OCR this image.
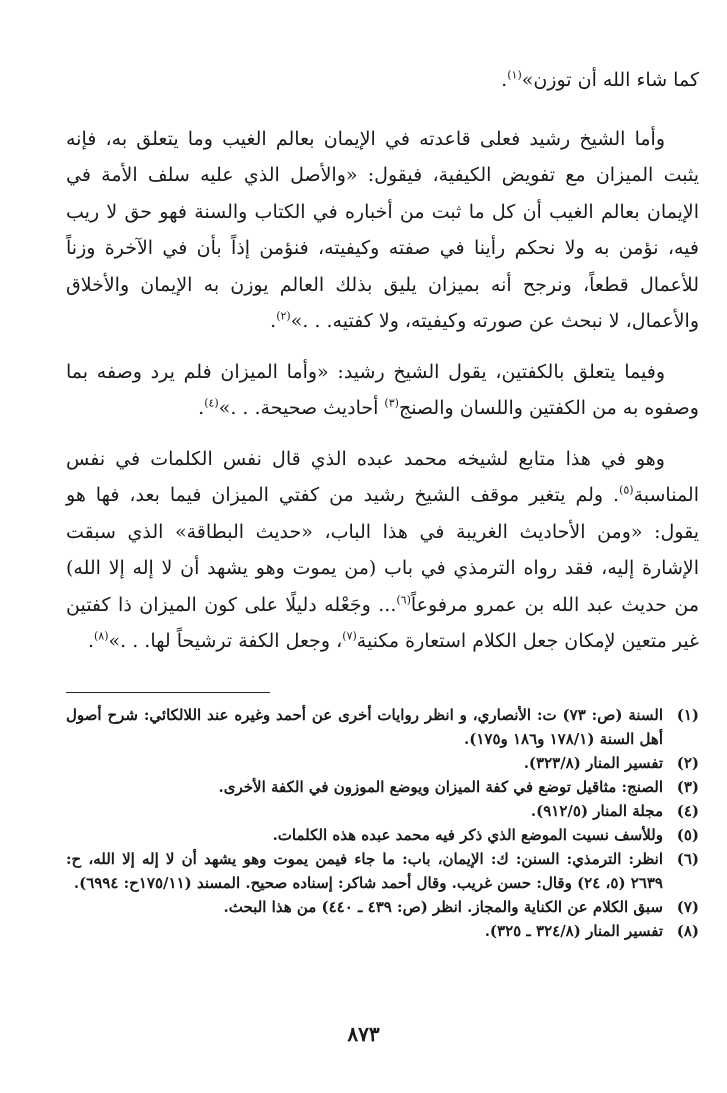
كما شاء الله أن توزن»$^{(١)}$.

وأما الشيخ رشيد فعلى قاعدته في الإيمان بعالم الغيب وما يتعلق به، فإنه يثبت الميزان مع تفويض الكيفية، فيقول: «والأصل الذي عليه سلف الأمة في الإيمان بعالم الغيب أن كل ما ثبت من أخباره في الكتاب والسنة فهو حق لا ريب فيه، نؤمن به ولا نحكم رأينا في صفته وكيفيته، فنؤمن إذاً بأن في الآخرة وزناً للأعمال قطعاً، ونرجح أنه بميزان يليق بذلك العالم يوزن به الإيمان والأخلاق والأعمال، لا نبحث عن صورته وكيفيته، ولا كفتيه. . .»$^{(٢)}$.

وفيما يتعلق بالكفتين، يقول الشيخ رشيد: «وأما الميزان فلم يرد وصفه بما وصفوه به من الكفتين واللسان والصنج$^{(٣)}$ أحاديث صحيحة. . .»$^{(٤)}$.

وهو في هذا متابع لشيخه محمد عبده الذي قال نفس الكلمات في نفس المناسبة$^{(٥)}$. ولم يتغير موقف الشيخ رشيد من كفتي الميزان فيما بعد، فها هو يقول: «ومن الأحاديث الغريبة في هذا الباب، «حديث البطاقة» الذي سبقت الإشارة إليه، فقد رواه الترمذي في باب (من يموت وهو يشهد أن لا إله إلا الله) من حديث عبد الله بن عمرو مرفوعاً$^{(٦)}$... وجَعْله دليلًا على كون الميزان ذا كفتين غير متعين لإمكان جعل الكلام استعارة مكنية$^{(٧)}$، وجعل الكفة ترشيحاً لها. . .»$^{(٨)}$.

(١)
السنة (ص: ٧٣) ت: الأنصاري، و انظر روايات أخرى عن أحمد وغيره عند اللالكائي: شرح أصول أهل السنة (١٧٨/١ و١٨٦ و١٧٥).
(٢)
تفسير المنار (٣٢٣/٨).
(٣)
الصنج: مثاقيل توضع في كفة الميزان ويوضع الموزون في الكفة الأخرى.
(٤)
مجلة المنار (٩١٢/٥).
(٥)
وللأسف نسيت الموضع الذي ذكر فيه محمد عبده هذه الكلمات.
(٦)
انظر: الترمذي: السنن: ك: الإيمان، باب: ما جاء فيمن يموت وهو يشهد أن لا إله إلا الله، ح: ٢٦٣٩ (٥، ٢٤) وقال: حسن غريب. وقال أحمد شاكر: إسناده صحيح. المسند (١٧٥/١١ح: ٦٩٩٤).
(٧)
سبق الكلام عن الكناية والمجاز. انظر (ص: ٤٣٩ ـ ٤٤٠) من هذا البحث.
(٨)
تفسير المنار (٣٢٤/٨ ـ ٣٢٥).
٨٧٣
